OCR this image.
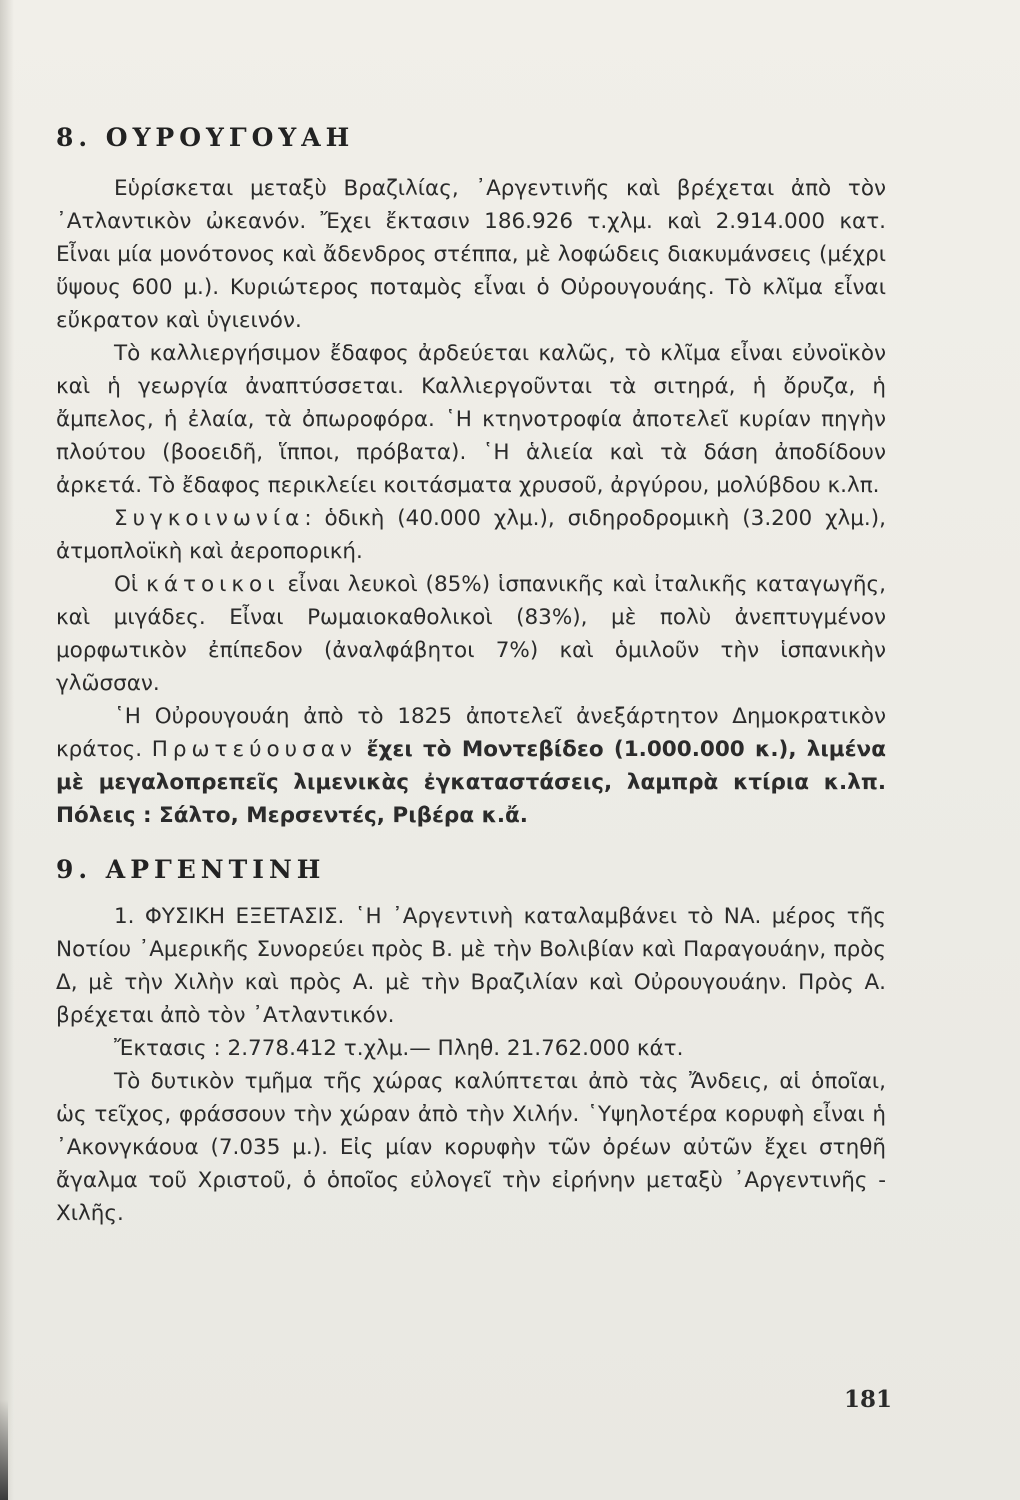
8. ΟΥΡΟΥΓΟΥΑΗ

Εὑρίσκεται μεταξὺ Βραζιλίας, ᾿Αργεντινῆς καὶ βρέχεται ἀπὸ τὸν ᾿Ατλαντικὸν ὠκεανόν. Ἔχει ἔκτασιν 186.926 τ.χλμ. καὶ 2.914.000 κατ. Εἶναι μία μονότονος καὶ ἄδενδρος στέππα, μὲ λοφώδεις διακυμάνσεις (μέχρι ὕψους 600 μ.). Κυριώτερος ποταμὸς εἶναι ὁ Οὐρουγουάης. Τὸ κλῖμα εἶναι εὔκρατον καὶ ὑγιεινόν.

Τὸ καλλιεργήσιμον ἔδαφος ἀρδεύεται καλῶς, τὸ κλῖμα εἶναι εὐνοϊκὸν καὶ ἡ γεωργία ἀναπτύσσεται. Καλλιεργοῦνται τὰ σιτηρά, ἡ ὄρυζα, ἡ ἄμπελος, ἡ ἐλαία, τὰ ὀπωροφόρα. ῾Η κτηνοτροφία ἀποτελεῖ κυρίαν πηγὴν πλούτου (βοοειδῆ, ἵπποι, πρόβατα). ῾Η ἁλιεία καὶ τὰ δάση ἀποδίδουν ἀρκετά. Τὸ ἔδαφος περικλείει κοιτάσματα χρυσοῦ, ἀργύρου, μολύβδου κ.λπ.

Συγκοινωνία: ὁδικὴ (40.000 χλμ.), σιδηροδρομικὴ (3.200 χλμ.), ἀτμοπλοϊκὴ καὶ ἀεροπορική.

Οἱ κάτοικοι εἶναι λευκοὶ (85%) ἱσπανικῆς καὶ ἰταλικῆς καταγωγῆς, καὶ μιγάδες. Εἶναι Ρωμαιοκαθολικοὶ (83%), μὲ πολὺ ἀνεπτυγμένον μορφωτικὸν ἐπίπεδον (ἀναλφάβητοι 7%) καὶ ὁμιλοῦν τὴν ἱσπανικὴν γλῶσσαν.

῾Η Οὐρουγουάη ἀπὸ τὸ 1825 ἀποτελεῖ ἀνεξάρτητον Δημοκρατικὸν κράτος. Πρωτεύουσαν ἔχει τὸ Μοντεβίδεο (1.000.000 κ.), λιμένα μὲ μεγαλοπρεπεῖς λιμενικὰς ἐγκαταστάσεις, λαμπρὰ κτίρια κ.λπ. Πόλεις : Σάλτο, Μερσεντές, Ριβέρα κ.ἄ.

9. ΑΡΓΕΝΤΙΝΗ

1. ΦΥΣΙΚΗ ΕΞΕΤΑΣΙΣ. ῾Η ᾿Αργεντινὴ καταλαμβάνει τὸ ΝΑ. μέρος τῆς Νοτίου ᾿Αμερικῆς Συνορεύει πρὸς Β. μὲ τὴν Βολιβίαν καὶ Παραγουάην, πρὸς Δ, μὲ τὴν Χιλὴν καὶ πρὸς Α. μὲ τὴν Βραζιλίαν καὶ Οὐρουγουάην. Πρὸς Α. βρέχεται ἀπὸ τὸν ᾿Ατλαντικόν.

Ἔκτασις : 2.778.412 τ.χλμ.— Πληθ. 21.762.000 κάτ.

Τὸ δυτικὸν τμῆμα τῆς χώρας καλύπτεται ἀπὸ τὰς Ἄνδεις, αἱ ὁποῖαι, ὡς τεῖχος, φράσσουν τὴν χώραν ἀπὸ τὴν Χιλήν. ῾Υψηλοτέρα κορυφὴ εἶναι ἡ ᾿Ακονγκάουα (7.035 μ.). Εἰς μίαν κορυφὴν τῶν ὀρέων αὐτῶν ἔχει στηθῆ ἄγαλμα τοῦ Χριστοῦ, ὁ ὁποῖος εὐλογεῖ τὴν εἰρήνην μεταξὺ ᾿Αργεντινῆς - Χιλῆς.

181
